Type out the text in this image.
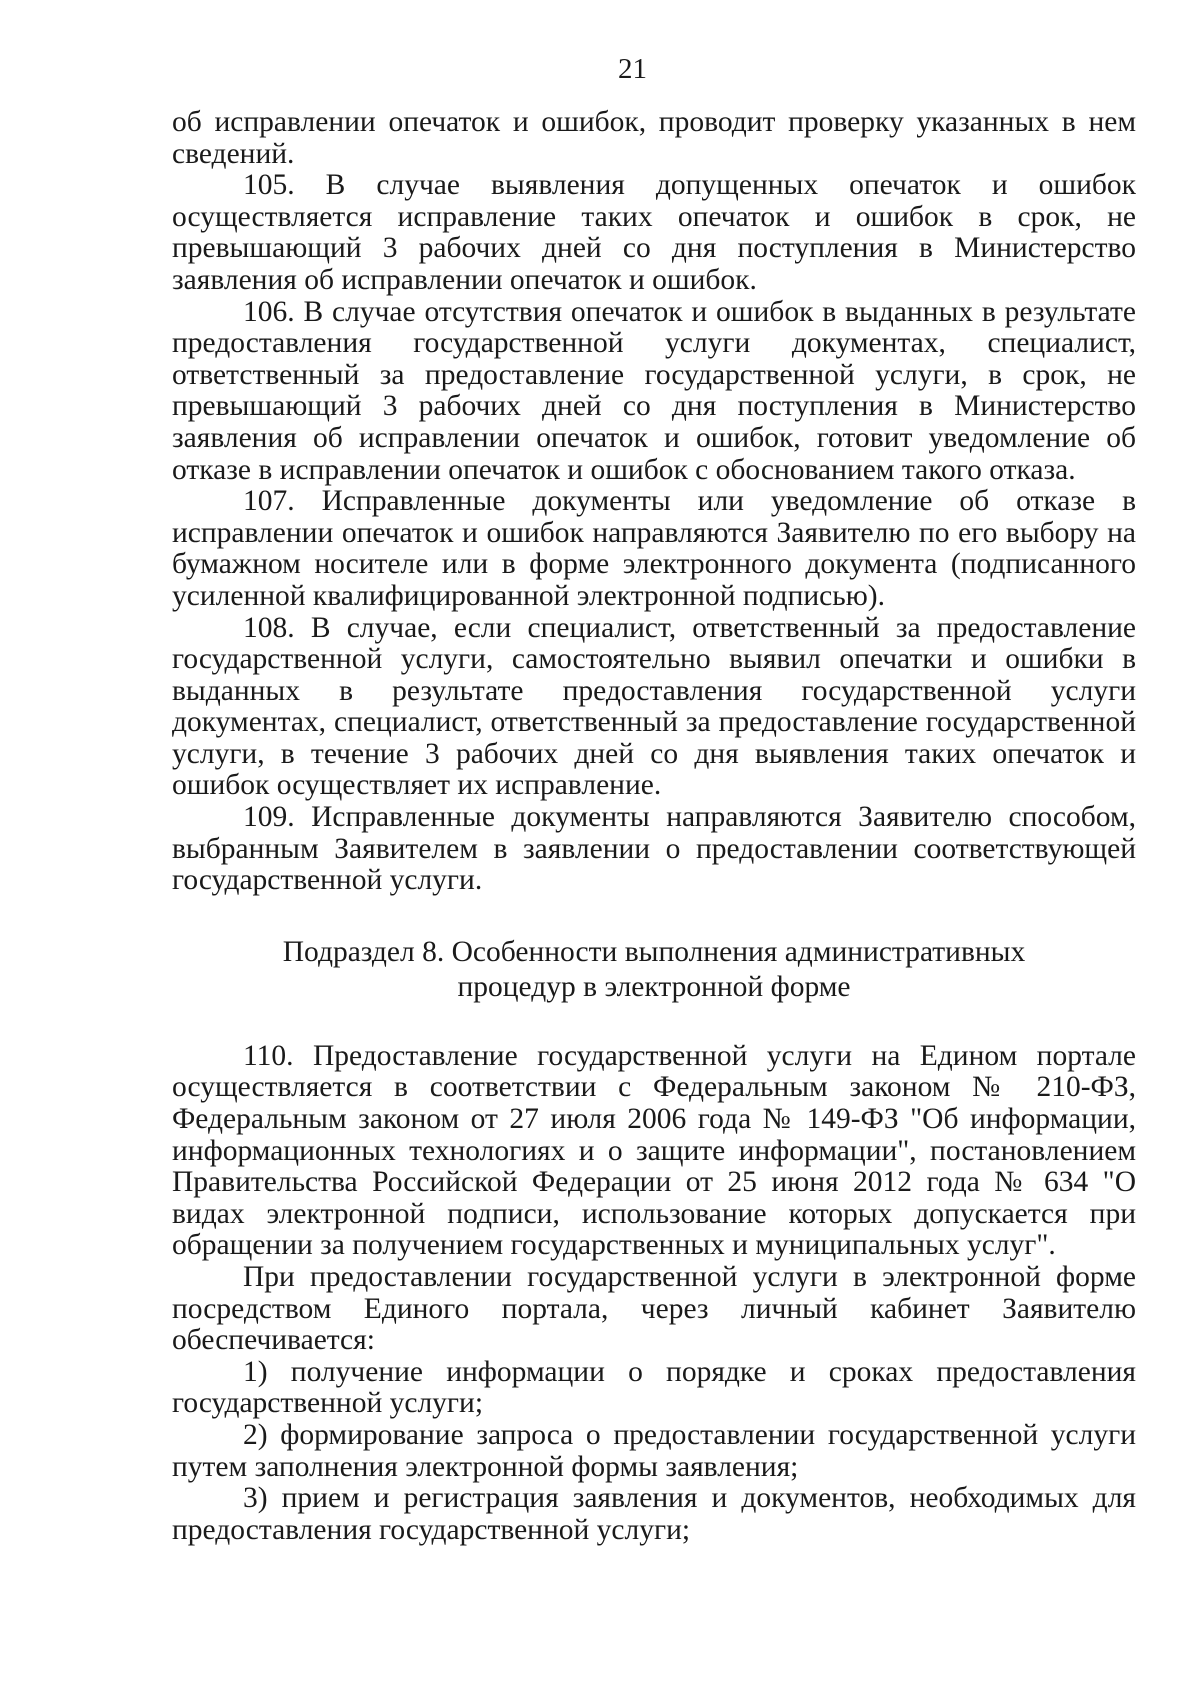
21

об исправлении опечаток и ошибок, проводит проверку указанных в нем сведений.

105. В случае выявления допущенных опечаток и ошибок осуществляется исправление таких опечаток и ошибок в срок, не превышающий 3 рабочих дней со дня поступления в Министерство заявления об исправлении опечаток и ошибок.

106. В случае отсутствия опечаток и ошибок в выданных в результате предоставления государственной услуги документах, специалист, ответственный за предоставление государственной услуги, в срок, не превышающий 3 рабочих дней со дня поступления в Министерство заявления об исправлении опечаток и ошибок, готовит уведомление об отказе в исправлении опечаток и ошибок с обоснованием такого отказа.

107. Исправленные документы или уведомление об отказе в исправлении опечаток и ошибок направляются Заявителю по его выбору на бумажном носителе или в форме электронного документа (подписанного усиленной квалифицированной электронной подписью).

108. В случае, если специалист, ответственный за предоставление государственной услуги, самостоятельно выявил опечатки и ошибки в выданных в результате предоставления государственной услуги документах, специалист, ответственный за предоставление государственной услуги, в течение 3 рабочих дней со дня выявления таких опечаток и ошибок осуществляет их исправление.

109. Исправленные документы направляются Заявителю способом, выбранным Заявителем в заявлении о предоставлении соответствующей государственной услуги.

Подраздел 8. Особенности выполнения административных
процедур в электронной форме

110. Предоставление государственной услуги на Едином портале осуществляется в соответствии с Федеральным законом № 210-ФЗ, Федеральным законом от 27 июля 2006 года № 149-ФЗ "Об информации, информационных технологиях и о защите информации", постановлением Правительства Российской Федерации от 25 июня 2012 года № 634 "О видах электронной подписи, использование которых допускается при обращении за получением государственных и муниципальных услуг".

При предоставлении государственной услуги в электронной форме посредством Единого портала, через личный кабинет Заявителю обеспечивается:

1) получение информации о порядке и сроках предоставления государственной услуги;

2) формирование запроса о предоставлении государственной услуги путем заполнения электронной формы заявления;

3) прием и регистрация заявления и документов, необходимых для предоставления государственной услуги;
